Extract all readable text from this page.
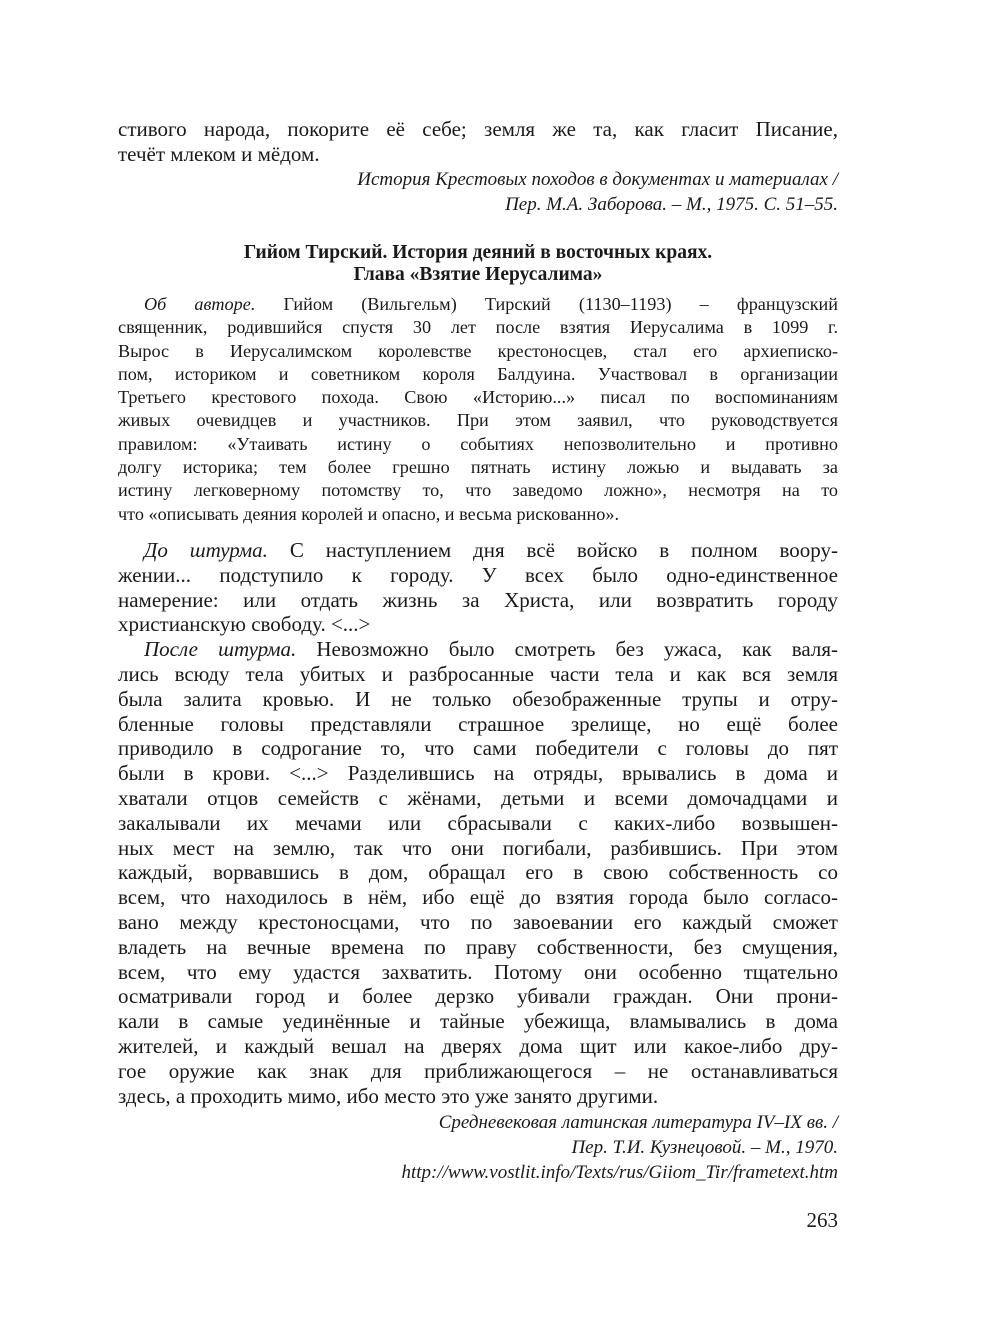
стивого народа, покорите её себе; земля же та, как гласит Писание,
течёт млеком и мёдом.
История Крестовых походов в документах и материалах /
Пер. М.А. Заборова. – М., 1975. С. 51–55.
Гийом Тирский. История деяний в восточных краях.
Глава «Взятие Иерусалима»
Об авторе. Гийом (Вильгельм) Тирский (1130–1193) – французский
священник, родившийся спустя 30 лет после взятия Иерусалима в 1099 г.
Вырос в Иерусалимском королевстве крестоносцев, стал его архиеписко-
пом, историком и советником короля Балдуина. Участвовал в организации
Третьего крестового похода. Свою «Историю...» писал по воспоминаниям
живых очевидцев и участников. При этом заявил, что руководствуется
правилом: «Утаивать истину о событиях непозволительно и противно
долгу историка; тем более грешно пятнать истину ложью и выдавать за
истину легковерному потомству то, что заведомо ложно», несмотря на то
что «описывать деяния королей и опасно, и весьма рискованно».
До штурма. С наступлением дня всё войско в полном воору-
жении... подступило к городу. У всех было одно-единственное
намерение: или отдать жизнь за Христа, или возвратить городу
христианскую свободу. <...>
После штурма. Невозможно было смотреть без ужаса, как валя-
лись всюду тела убитых и разбросанные части тела и как вся земля
была залита кровью. И не только обезображенные трупы и отру-
бленные головы представляли страшное зрелище, но ещё более
приводило в содрогание то, что сами победители с головы до пят
были в крови. <...> Разделившись на отряды, врывались в дома и
хватали отцов семейств с жёнами, детьми и всеми домочадцами и
закалывали их мечами или сбрасывали с каких-либо возвышен-
ных мест на землю, так что они погибали, разбившись. При этом
каждый, ворвавшись в дом, обращал его в свою собственность со
всем, что находилось в нём, ибо ещё до взятия города было согласо-
вано между крестоносцами, что по завоевании его каждый сможет
владеть на вечные времена по праву собственности, без смущения,
всем, что ему удастся захватить. Потому они особенно тщательно
осматривали город и более дерзко убивали граждан. Они прони-
кали в самые уединённые и тайные убежища, вламывались в дома
жителей, и каждый вешал на дверях дома щит или какое-либо дру-
гое оружие как знак для приближающегося – не останавливаться
здесь, а проходить мимо, ибо место это уже занято другими.
Средневековая латинская литература IV–IX вв. /
Пер. Т.И. Кузнецовой. – М., 1970.
http://www.vostlit.info/Texts/rus/Giiom_Tir/frametext.htm
263
